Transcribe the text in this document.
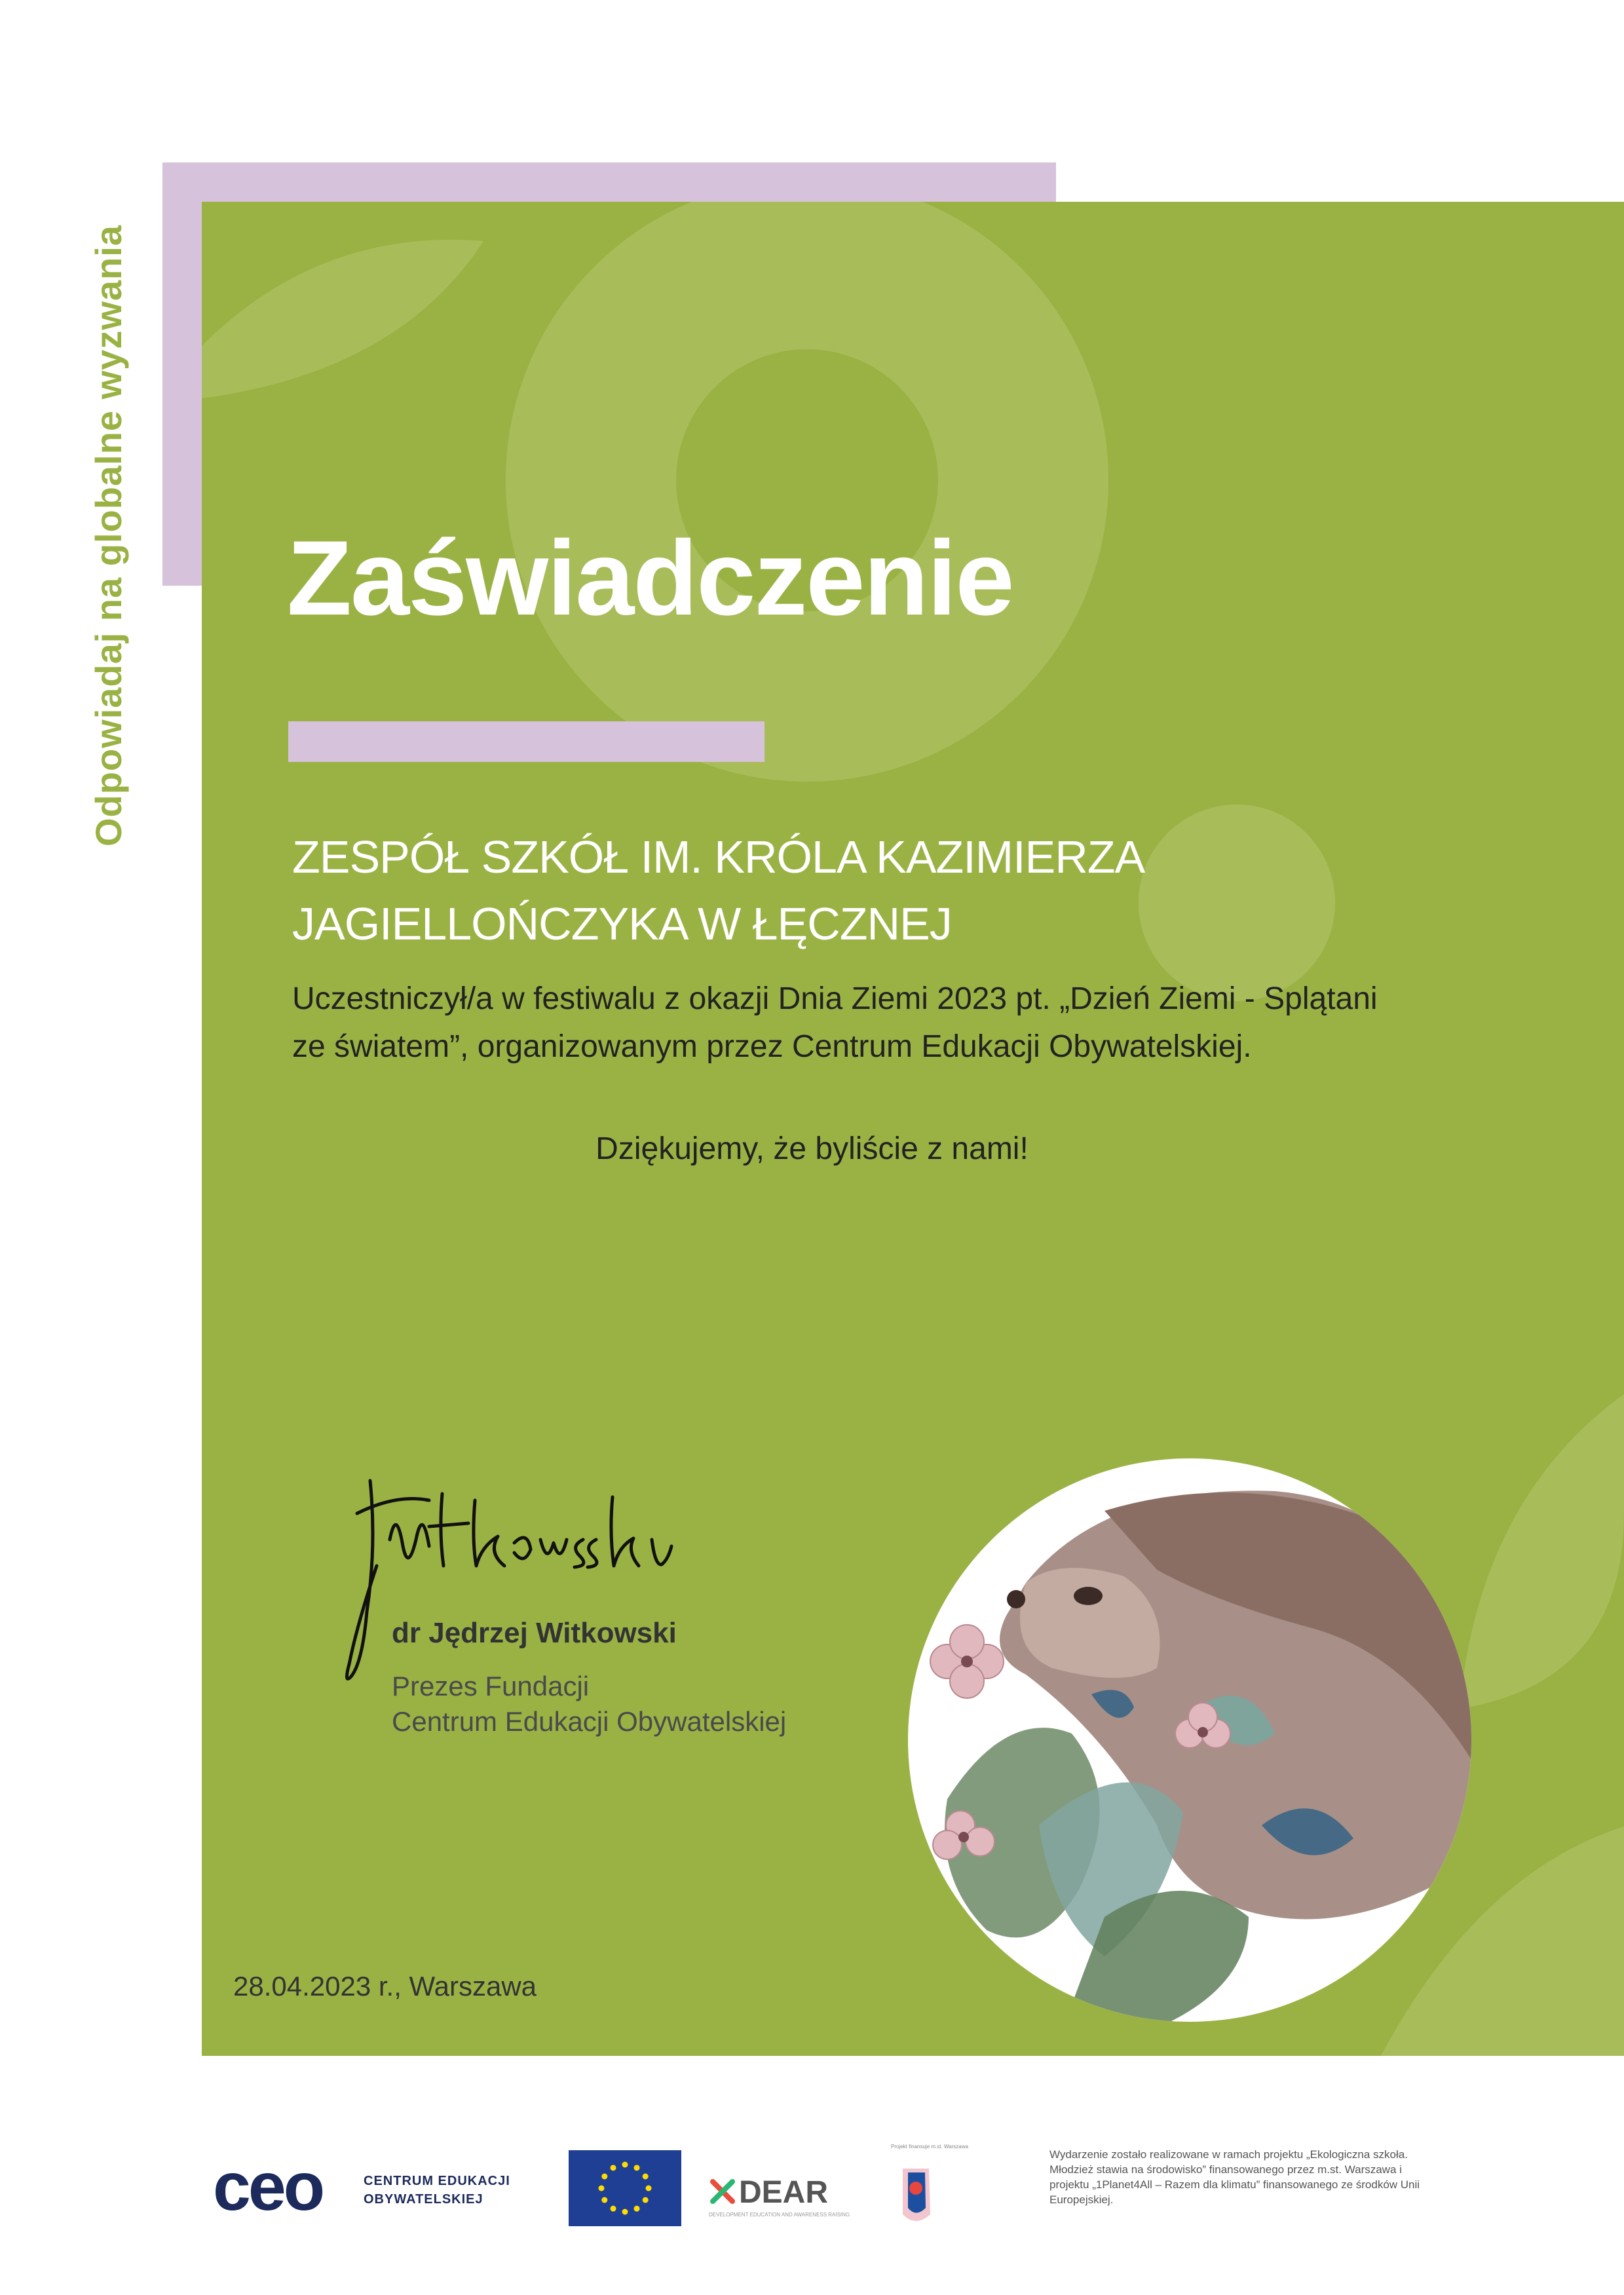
Odpowiadaj na globalne wyzwania Zaświadczenie
ZESPÓŁ SZKÓŁ IM. KRÓLA KAZIMIERZA
JAGIELLOŃCZYKA W ŁĘCZNEJ
Uczestniczył/a w festiwalu z okazji Dnia Ziemi 2023 pt. „Dzień Ziemi - Splątani
ze światem”, organizowanym przez Centrum Edukacji Obywatelskiej.
Dziękujemy, że byliście z nami!
dr Jędrzej Witkowski
Prezes Fundacji
Centrum Edukacji Obywatelskiej
28.04.2023 r., Warszawa
ceo	CENTRUM EDUKACJI
OBYWATELSKIEJ	DEAR
DEVELOPMENT EDUCATION AND AWARENESS RAISING
Projekt finansuje m.st. Warszawa
Wydarzenie zostało realizowane w ramach projektu „Ekologiczna szkoła.
Młodzież stawia na środowisko” finansowanego przez m.st. Warszawa i
projektu „1Planet4All – Razem dla klimatu” finansowanego ze środków Unii
Europejskiej.
